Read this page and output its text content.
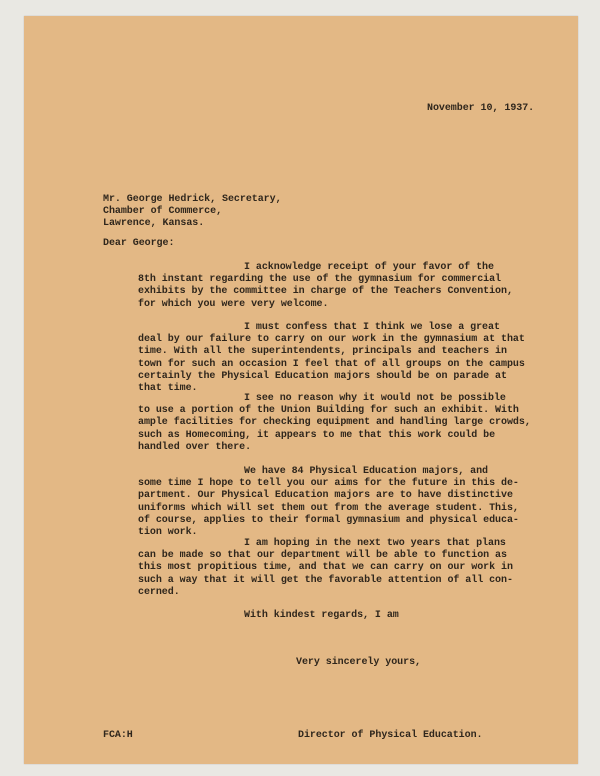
November 10, 1937.
Mr. George Hedrick, Secretary,
Chamber of Commerce,
Lawrence, Kansas.
Dear George:
I acknowledge receipt of your favor of the
8th instant regarding the use of the gymnasium for commercial
exhibits by the committee in charge of the Teachers Convention,
for which you were very welcome.
I must confess that I think we lose a great
deal by our failure to carry on our work in the gymnasium at that
time. With all the superintendents, principals and teachers in
town for such an occasion I feel that of all groups on the campus
certainly the Physical Education majors should be on parade at
that time.
I see no reason why it would not be possible
to use a portion of the Union Building for such an exhibit. With
ample facilities for checking equipment and handling large crowds,
such as Homecoming, it appears to me that this work could be
handled over there.
We have 84 Physical Education majors, and
some time I hope to tell you our aims for the future in this de-
partment. Our Physical Education majors are to have distinctive
uniforms which will set them out from the average student. This,
of course, applies to their formal gymnasium and physical educa-
tion work.
I am hoping in the next two years that plans
can be made so that our department will be able to function as
this most propitious time, and that we can carry on our work in
such a way that it will get the favorable attention of all con-
cerned.
With kindest regards, I am
Very sincerely yours,
FCA:H	Director of Physical Education.
